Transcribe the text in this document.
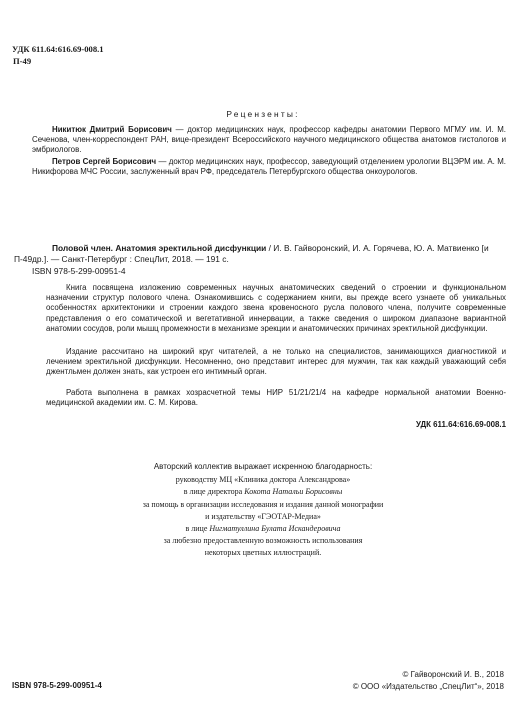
УДК 611.64:616.69-008.1
П-49
Рецензенты:
Никитюк Дмитрий Борисович — доктор медицинских наук, профессор кафедры анатомии Первого МГМУ им. И. М. Сеченова, член-корреспондент РАН, вице-президент Всероссийского научного медицинского общества анатомов гистологов и эмбриологов.
Петров Сергей Борисович — доктор медицинских наук, профессор, заведующий отделением урологии ВЦЭРМ им. А. М. Никифорова МЧС России, заслуженный врач РФ, председатель Петербургского общества онкоурологов.
П-49
Половой член. Анатомия эректильной дисфункции / И. В. Гайворонский, И. А. Горячева, Ю. А. Матвиенко [и др.]. — Санкт-Петербург : СпецЛит, 2018. — 191 с.
ISBN 978-5-299-00951-4
Книга посвящена изложению современных научных анатомических сведений о строении и функциональном назначении структур полового члена. Ознакомившись с содержанием книги, вы прежде всего узнаете об уникальных особенностях архитектоники и строении каждого звена кровеносного русла полового члена, получите современные представления о его соматической и вегетативной иннервации, а также сведения о широком диапазоне вариантной анатомии сосудов, роли мышц промежности в механизме эрекции и анатомических причинах эректильной дисфункции.
Издание рассчитано на широкий круг читателей, а не только на специалистов, занимающихся диагностикой и лечением эректильной дисфункции. Несомненно, оно представит интерес для мужчин, так как каждый уважающий себя джентльмен должен знать, как устроен его интимный орган.
Работа выполнена в рамках хозрасчетной темы НИР 51/21/21/4 на кафедре нормальной анатомии Военно-медицинской академии им. С. М. Кирова.
УДК 611.64:616.69-008.1
Авторский коллектив выражает искренною благодарность:
руководству МЦ «Клиника доктора Александрова»
в лице директора Кокота Натальи Борисовны
за помощь в организации исследования и издания данной монографии
и издательству «ГЭОТАР-Медиа»
в лице Нигматуллина Булата Искандеровича
за любезно предоставленную возможность использования
некоторых цветных иллюстраций.
© Гайворонский И. В., 2018
© ООО «Издательство „СпецЛит“», 2018
ISBN 978-5-299-00951-4
